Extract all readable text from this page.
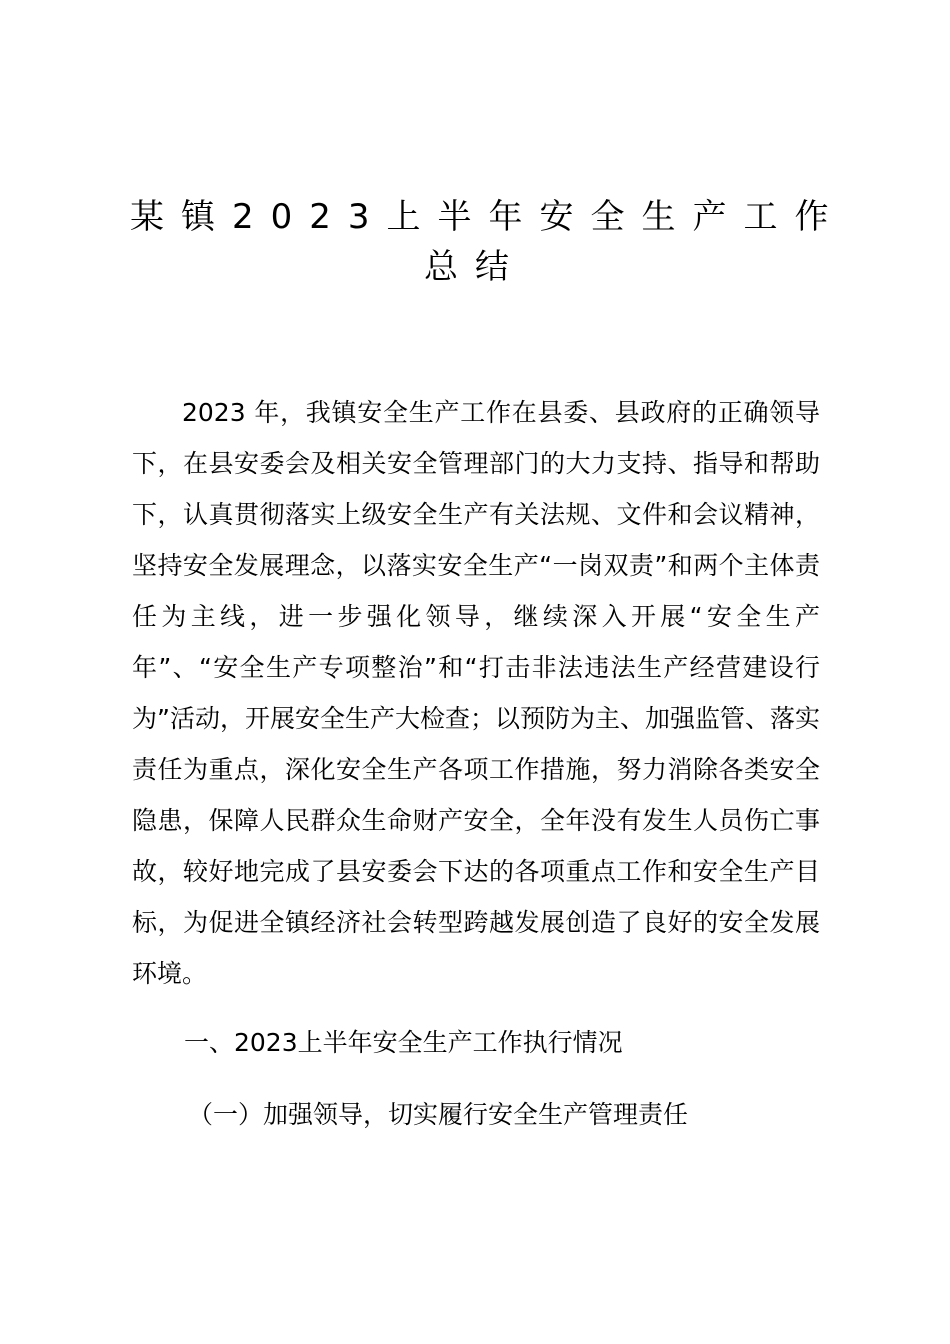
某镇2023上半年安全生产工作
总结

2023 年，我镇安全生产工作在县委、县政府的正确领导下，在县安委会及相关安全管理部门的大力支持、指导和帮助下，认真贯彻落实上级安全生产有关法规、文件和会议精神，坚持安全发展理念，以落实安全生产“一岗双责”和两个主体责任为主线，进一步强化领导，继续深入开展“安全生产年”、“安全生产专项整治”和“打击非法违法生产经营建设行为”活动，开展安全生产大检查；以预防为主、加强监管、落实责任为重点，深化安全生产各项工作措施，努力消除各类安全隐患，保障人民群众生命财产安全，全年没有发生人员伤亡事故，较好地完成了县安委会下达的各项重点工作和安全生产目标，为促进全镇经济社会转型跨越发展创造了良好的安全发展环境。

一、2023上半年安全生产工作执行情况

（一）加强领导，切实履行安全生产管理责任
